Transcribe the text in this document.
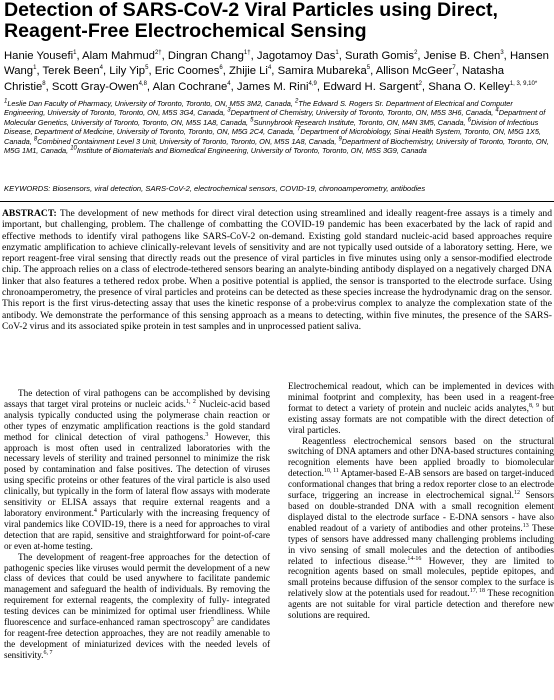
Detection of SARS-CoV-2 Viral Particles using Direct, Reagent-Free Electrochemical Sensing
Hanie Yousefi$^1$, Alam Mahmud$^{2\dagger}$, Dingran Chang$^{1\dagger}$, Jagotamoy Das$^1$, Surath Gomis$^2$, Jenise B. Chen$^3$, Hansen Wang$^1$, Terek Been$^4$, Lily Yip$^5$, Eric Coomes$^6$, Zhijie Li$^4$, Samira Mubareka$^5$, Allison McGeer$^7$, Natasha Christie$^8$, Scott Gray-Owen$^{4,8}$, Alan Cochrane$^4$, James M. Rini$^{4,9}$, Edward H. Sargent$^2$, Shana O. Kelley$^{1, 3, 9,10*}$
$^1$Leslie Dan Faculty of Pharmacy, University of Toronto, Toronto, ON, M5S 3M2, Canada, $^2$The Edward S. Rogers Sr. Department of Electrical and Computer Engineering, University of Toronto, Toronto, ON, M5S 3G4, Canada, $^3$Department of Chemistry, University of Toronto, Toronto, ON, M5S 3H6, Canada, $^4$Department of Molecular Genetics, University of Toronto, Toronto, ON, M5S 1A8, Canada, $^5$Sunnybrook Research Institute, Toronto, ON, M4N 3M5, Canada, $^6$Division of Infectious Disease, Department of Medicine, University of Toronto, Toronto, ON, M5G 2C4, Canada, $^7$Department of Microbiology, Sinai Health System, Toronto, ON, M5G 1X5, Canada, $^8$Combined Containment Level 3 Unit, University of Toronto, Toronto, ON, M5S 1A8, Canada, $^9$Department of Biochemistry, University of Toronto, Toronto, ON, M5G 1M1, Canada, $^{10}$Institute of Biomaterials and Biomedical Engineering, University of Toronto, Toronto, ON, M5S 3G9, Canada
KEYWORDS: Biosensors, viral detection, SARS-CoV-2, electrochemical sensors, COVID-19, chronoamperometry, antibodies
ABSTRACT: The development of new methods for direct viral detection using streamlined and ideally reagent-free assays is a timely and important, but challenging, problem. The challenge of combatting the COVID-19 pandemic has been exacerbated by the lack of rapid and effective methods to identify viral pathogens like SARS-CoV-2 on-demand. Existing gold standard nucleic-acid based approaches require enzymatic amplification to achieve clinically-relevant levels of sensitivity and are not typically used outside of a laboratory setting. Here, we report reagent-free viral sensing that directly reads out the presence of viral particles in five minutes using only a sensor-modified electrode chip. The approach relies on a class of electrode-tethered sensors bearing an analyte-binding antibody displayed on a negatively charged DNA linker that also features a tethered redox probe. When a positive potential is applied, the sensor is transported to the electrode surface. Using chronoamperometry, the presence of viral particles and proteins can be detected as these species increase the hydrodynamic drag on the sensor. This report is the first virus-detecting assay that uses the kinetic response of a probe:virus complex to analyze the complexation state of the antibody. We demonstrate the performance of this sensing approach as a means to detecting, within five minutes, the presence of the SARS-CoV-2 virus and its associated spike protein in test samples and in unprocessed patient saliva.

The detection of viral pathogens can be accomplished by devising assays that target viral proteins or nucleic acids.$^{1, 2}$ Nucleic-acid based analysis typically conducted using the polymerase chain reaction or other types of enzymatic amplification reactions is the gold standard method for clinical detection of viral pathogens.$^3$ However, this approach is most often used in centralized laboratories with the necessary levels of sterility and trained personnel to minimize the risk posed by contamination and false positives. The detection of viruses using specific proteins or other features of the viral particle is also used clinically, but typically in the form of lateral flow assays with moderate sensitivity or ELISA assays that require external reagents and a laboratory environment.$^4$ Particularly with the increasing frequency of viral pandemics like COVID-19, there is a need for approaches to viral detection that are rapid, sensitive and straightforward for point-of-care or even at-home testing.

The development of reagent-free approaches for the detection of pathogenic species like viruses would permit the development of a new class of devices that could be used anywhere to facilitate pandemic management and safeguard the health of individuals. By removing the requirement for external reagents, the complexity of fully- integrated testing devices can be minimized for optimal user friendliness. While fluorescence and surface-enhanced raman spectroscopy$^5$ are candidates for reagent-free detection approaches, they are not readily amenable to the development of miniaturized devices with the needed levels of sensitivity.$^{6, 7}$

Electrochemical readout, which can be implemented in devices with minimal footprint and complexity, has been used in a reagent-free format to detect a variety of protein and nucleic acids analytes,$^{8, 9}$ but existing assay formats are not compatible with the direct detection of viral particles.

Reagentless electrochemical sensors based on the structural switching of DNA aptamers and other DNA-based structures containing recognition elements have been applied broadly to biomolecular detection.$^{10, 11}$ Aptamer-based E-AB sensors are based on target-induced conformational changes that bring a redox reporter close to an electrode surface, triggering an increase in electrochemical signal.$^{12}$ Sensors based on double-stranded DNA with a small recognition element displayed distal to the electrode surface - E-DNA sensors - have also enabled readout of a variety of antibodies and other proteins.$^{13}$ These types of sensors have addressed many challenging problems including in vivo sensing of small molecules and the detection of antibodies related to infectious disease.$^{14-16}$ However, they are limited to recognition agents based on small molecules, peptide epitopes, and small proteins because diffusion of the sensor complex to the surface is relatively slow at the potentials used for readout.$^{17, 18}$ These recognition agents are not suitable for viral particle detection and therefore new solutions are required.
